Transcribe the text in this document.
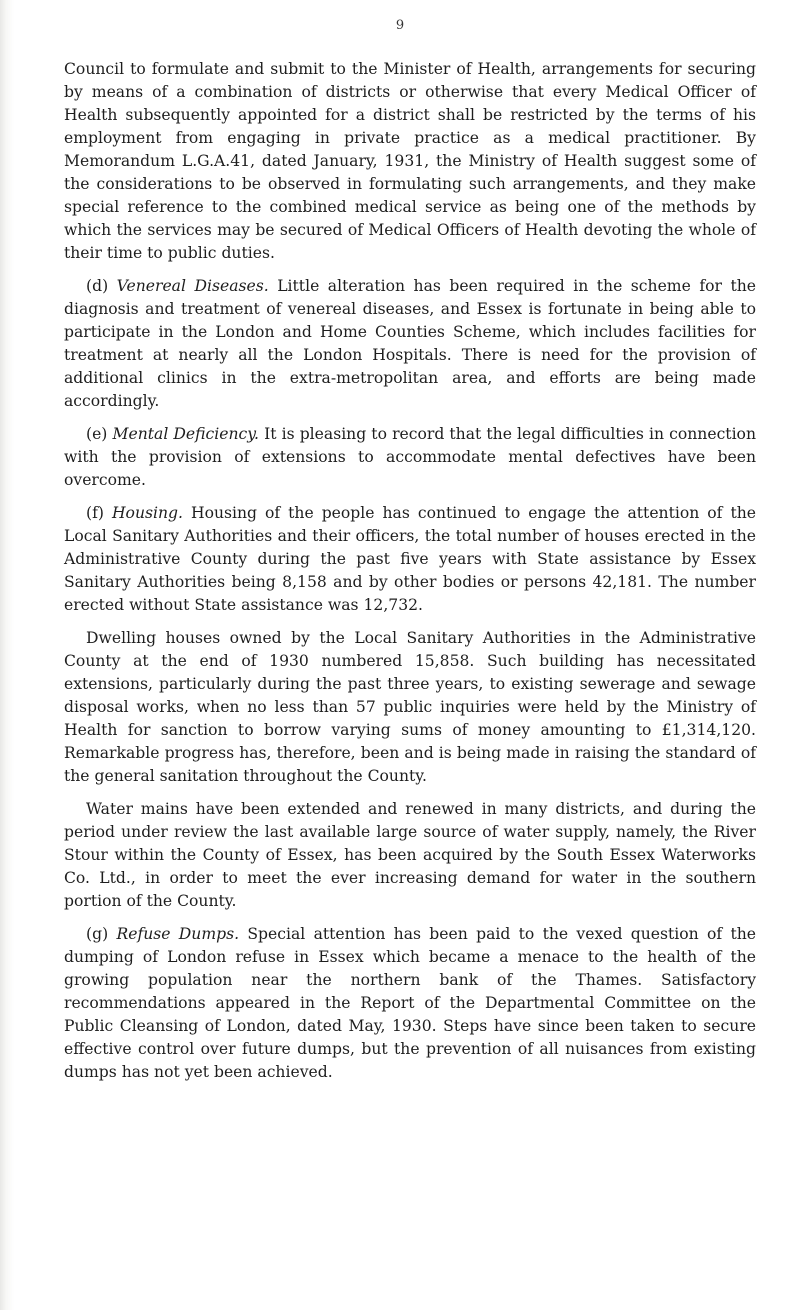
9

Council to formulate and submit to the Minister of Health, arrangements for securing by means of a combination of districts or otherwise that every Medical Officer of Health subsequently appointed for a district shall be restricted by the terms of his employment from engaging in private practice as a medical practitioner. By Memorandum L.G.A.41, dated January, 1931, the Ministry of Health suggest some of the considerations to be observed in formulating such arrangements, and they make special reference to the combined medical service as being one of the methods by which the services may be secured of Medical Officers of Health devoting the whole of their time to public duties.

(d) Venereal Diseases. Little alteration has been required in the scheme for the diagnosis and treatment of venereal diseases, and Essex is fortunate in being able to participate in the London and Home Counties Scheme, which includes facilities for treatment at nearly all the London Hospitals. There is need for the provision of additional clinics in the extra-metropolitan area, and efforts are being made accordingly.

(e) Mental Deficiency. It is pleasing to record that the legal difficulties in connection with the provision of extensions to accommodate mental defectives have been overcome.

(f) Housing. Housing of the people has continued to engage the attention of the Local Sanitary Authorities and their officers, the total number of houses erected in the Administrative County during the past five years with State assistance by Essex Sanitary Authorities being 8,158 and by other bodies or persons 42,181. The number erected without State assistance was 12,732.

Dwelling houses owned by the Local Sanitary Authorities in the Administrative County at the end of 1930 numbered 15,858. Such building has necessitated extensions, particularly during the past three years, to existing sewerage and sewage disposal works, when no less than 57 public inquiries were held by the Ministry of Health for sanction to borrow varying sums of money amounting to £1,314,120. Remarkable progress has, therefore, been and is being made in raising the standard of the general sanitation throughout the County.

Water mains have been extended and renewed in many districts, and during the period under review the last available large source of water supply, namely, the River Stour within the County of Essex, has been acquired by the South Essex Waterworks Co. Ltd., in order to meet the ever increasing demand for water in the southern portion of the County.

(g) Refuse Dumps. Special attention has been paid to the vexed question of the dumping of London refuse in Essex which became a menace to the health of the growing population near the northern bank of the Thames. Satisfactory recommendations appeared in the Report of the Departmental Committee on the Public Cleansing of London, dated May, 1930. Steps have since been taken to secure effective control over future dumps, but the prevention of all nuisances from existing dumps has not yet been achieved.
